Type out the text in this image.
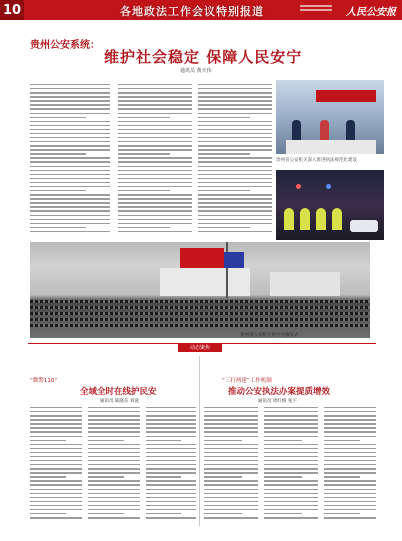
10	各地政法工作会议特别报道	人民公安报
贵州公安系统：
维护社会稳定 保障人民安宁
通讯员 黄天伟
贵州省公安机关深入推进执法规范化建设
贵州省公安机关举行升旗仪式
动态聚焦
“微警110”
全域全时在线护民安
通讯员 陈晓东 刘波
“三打两建”工作机制
推动公安执法办案提质增效
通讯员 周红梅 张宇
